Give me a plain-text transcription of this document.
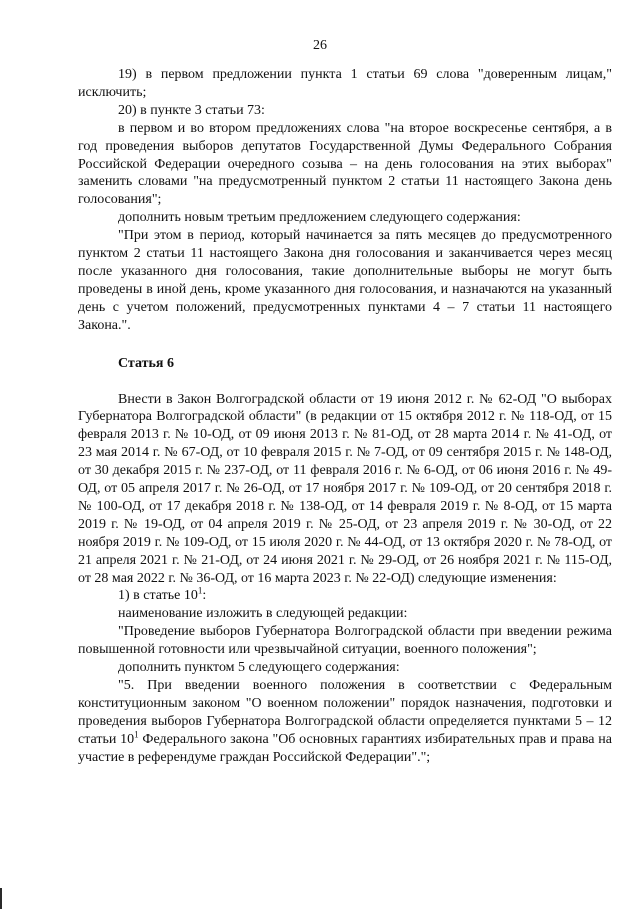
26

19) в первом предложении пункта 1 статьи 69 слова "доверенным лицам," исключить;

20) в пункте 3 статьи 73:

в первом и во втором предложениях слова "на второе воскресенье сентября, а в год проведения выборов депутатов Государственной Думы Федерального Собрания Российской Федерации очередного созыва – на день голосования на этих выборах" заменить словами "на предусмотренный пунктом 2 статьи 11 настоящего Закона день голосования";

дополнить новым третьим предложением следующего содержания:

"При этом в период, который начинается за пять месяцев до предусмотренного пунктом 2 статьи 11 настоящего Закона дня голосования и заканчивается через месяц после указанного дня голосования, такие дополнительные выборы не могут быть проведены в иной день, кроме указанного дня голосования, и назначаются на указанный день с учетом положений, предусмотренных пунктами 4 – 7 статьи 11 настоящего Закона.".

Статья 6

Внести в Закон Волгоградской области от 19 июня 2012 г. № 62-ОД "О выборах Губернатора Волгоградской области" (в редакции от 15 октября 2012 г. № 118-ОД, от 15 февраля 2013 г. № 10-ОД, от 09 июня 2013 г. № 81-ОД, от 28 марта 2014 г. № 41-ОД, от 23 мая 2014 г. № 67-ОД, от 10 февраля 2015 г. № 7-ОД, от 09 сентября 2015 г. № 148-ОД, от 30 декабря 2015 г. № 237-ОД, от 11 февраля 2016 г. № 6-ОД, от 06 июня 2016 г. № 49-ОД, от 05 апреля 2017 г. № 26-ОД, от 17 ноября 2017 г. № 109-ОД, от 20 сентября 2018 г. № 100-ОД, от 17 декабря 2018 г. № 138-ОД, от 14 февраля 2019 г. № 8-ОД, от 15 марта 2019 г. № 19-ОД, от 04 апреля 2019 г. № 25-ОД, от 23 апреля 2019 г. № 30-ОД, от 22 ноября 2019 г. № 109-ОД, от 15 июля 2020 г. № 44-ОД, от 13 октября 2020 г. № 78-ОД, от 21 апреля 2021 г. № 21-ОД, от 24 июня 2021 г. № 29-ОД, от 26 ноября 2021 г. № 115-ОД, от 28 мая 2022 г. № 36-ОД, от 16 марта 2023 г. № 22-ОД) следующие изменения:

1) в статье $10^1$:

наименование изложить в следующей редакции:

"Проведение выборов Губернатора Волгоградской области при введении режима повышенной готовности или чрезвычайной ситуации, военного положения";

дополнить пунктом 5 следующего содержания:

"5. При введении военного положения в соответствии с Федеральным конституционным законом "О военном положении" порядок назначения, подготовки и проведения выборов Губернатора Волгоградской области определяется пунктами 5 – 12 статьи $10^1$ Федерального закона "Об основных гарантиях избирательных прав и права на участие в референдуме граждан Российской Федерации".";
